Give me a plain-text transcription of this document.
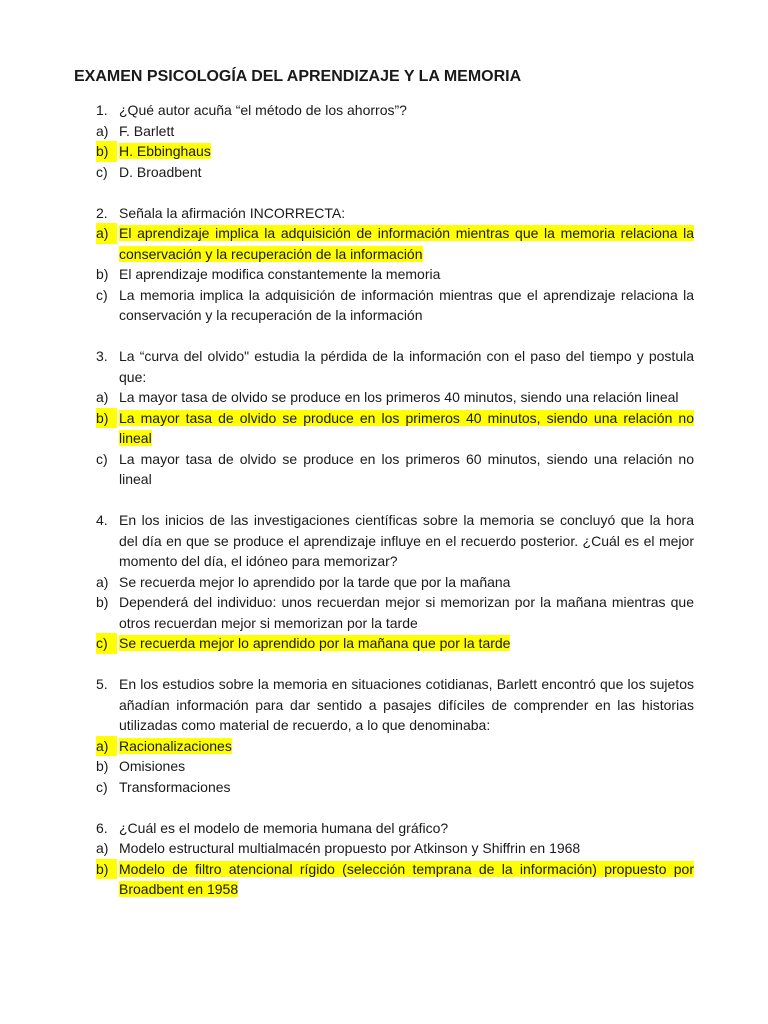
EXAMEN PSICOLOGÍA DEL APRENDIZAJE Y LA MEMORIA
1. ¿Qué autor acuña “el método de los ahorros”?
a) F. Barlett
b) H. Ebbinghaus
c) D. Broadbent
2. Señala la afirmación INCORRECTA:
a) El aprendizaje implica la adquisición de información mientras que la memoria relaciona la conservación y la recuperación de la información
b) El aprendizaje modifica constantemente la memoria
c) La memoria implica la adquisición de información mientras que el aprendizaje relaciona la conservación y la recuperación de la información
3. La “curva del olvido" estudia la pérdida de la información con el paso del tiempo y postula que:
a) La mayor tasa de olvido se produce en los primeros 40 minutos, siendo una relación lineal
b) La mayor tasa de olvido se produce en los primeros 40 minutos, siendo una relación no lineal
c) La mayor tasa de olvido se produce en los primeros 60 minutos, siendo una relación no lineal
4. En los inicios de las investigaciones científicas sobre la memoria se concluyó que la hora del día en que se produce el aprendizaje influye en el recuerdo posterior. ¿Cuál es el mejor momento del día, el idóneo para memorizar?
a) Se recuerda mejor lo aprendido por la tarde que por la mañana
b) Dependerá del individuo: unos recuerdan mejor si memorizan por la mañana mientras que otros recuerdan mejor si memorizan por la tarde
c) Se recuerda mejor lo aprendido por la mañana que por la tarde
5. En los estudios sobre la memoria en situaciones cotidianas, Barlett encontró que los sujetos añadían información para dar sentido a pasajes difíciles de comprender en las historias utilizadas como material de recuerdo, a lo que denominaba:
a) Racionalizaciones
b) Omisiones
c) Transformaciones
6. ¿Cuál es el modelo de memoria humana del gráfico?
a) Modelo estructural multialmacén propuesto por Atkinson y Shiffrin en 1968
b) Modelo de filtro atencional rígido (selección temprana de la información) propuesto por Broadbent en 1958
